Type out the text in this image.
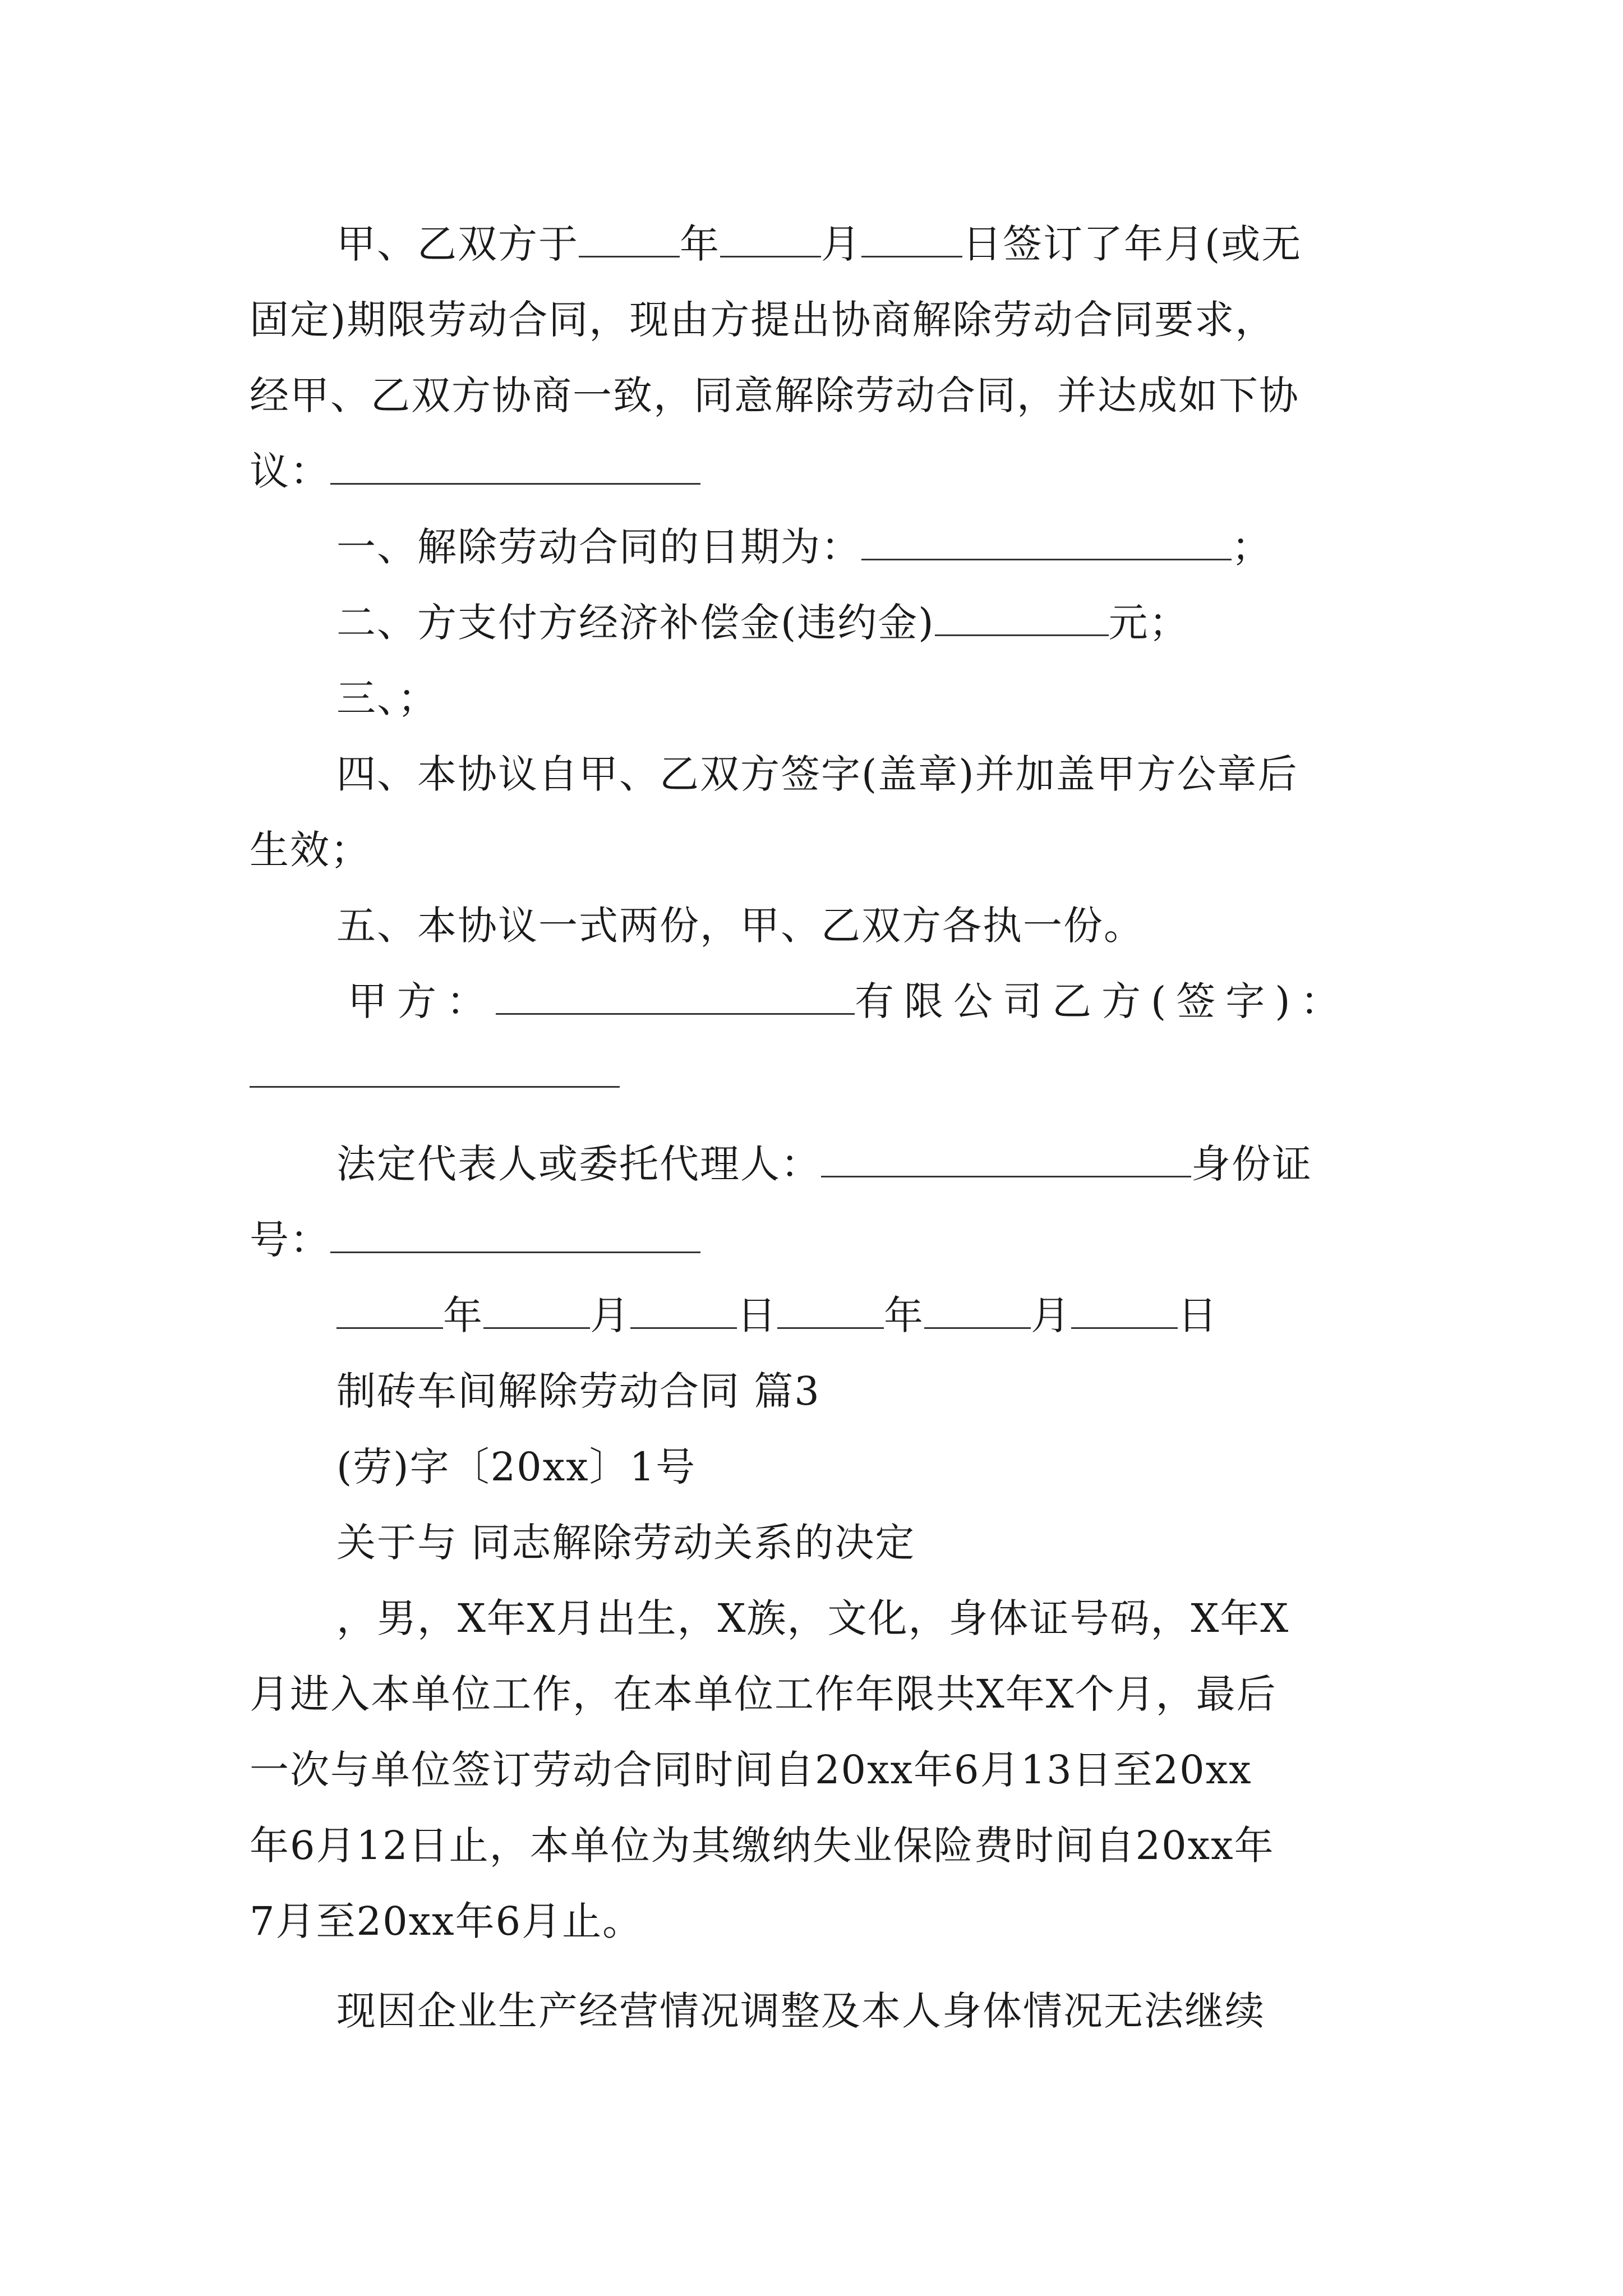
甲、乙双方于	年	月	日签订了年月(或无
固定)期限劳动合同，现由方提出协商解除劳动合同要求，
经甲、乙双方协商一致，同意解除劳动合同，并达成如下协
议：
一、解除劳动合同的日期为：	；
二、方支付方经济补偿金(违约金)	元；
三、；
四、本协议自甲、乙双方签字(盖章)并加盖甲方公章后
生效；
五、本协议一式两份，甲、乙双方各执一份。
甲方：	有限公司乙方(签字)：
法定代表人或委托代理人：	身份证
号：
年	月	日	年	月	日
制砖车间解除劳动合同 篇3
(劳)字〔20xx〕1号
关于与 同志解除劳动关系的决定
，男，X年X月出生，X族，文化，身体证号码，X年X
月进入本单位工作，在本单位工作年限共X年X个月，最后
一次与单位签订劳动合同时间自20xx年6月13日至20xx
年6月12日止，本单位为其缴纳失业保险费时间自20xx年
7月至20xx年6月止。
现因企业生产经营情况调整及本人身体情况无法继续
